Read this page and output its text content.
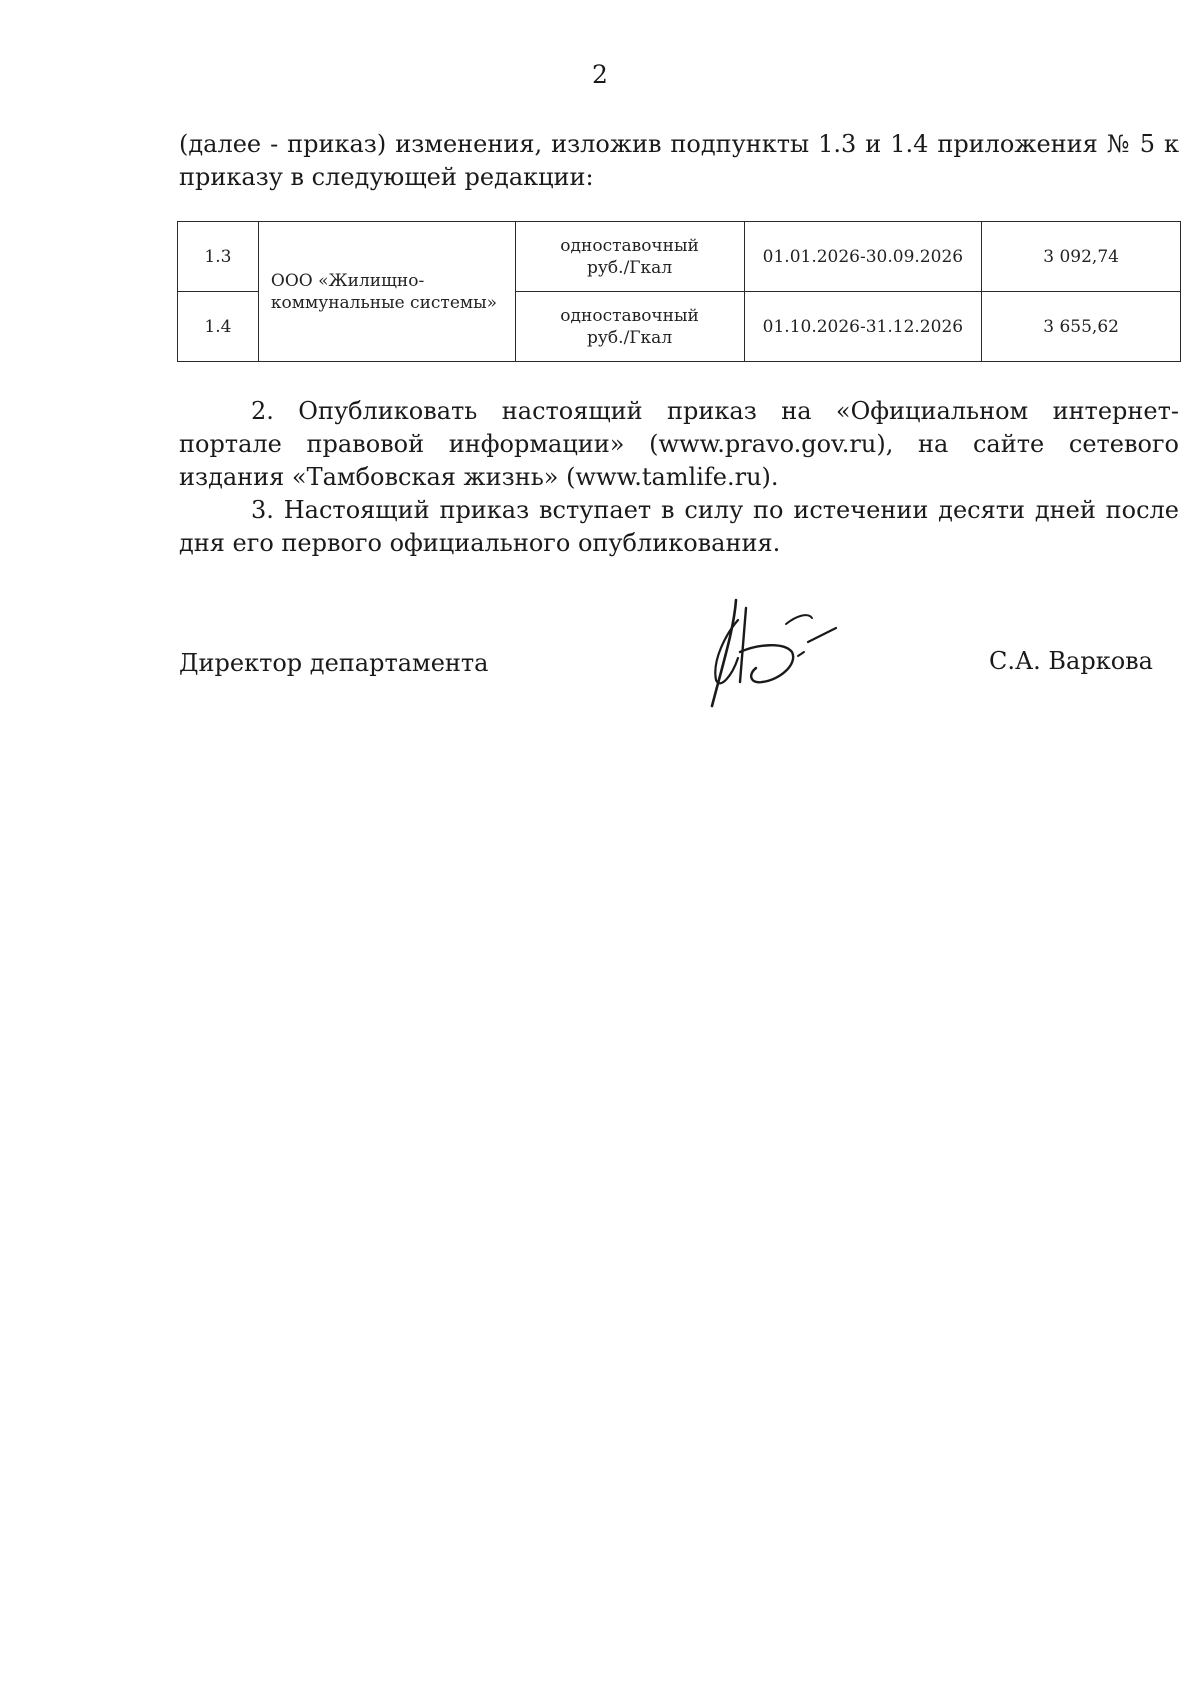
2

(далее - приказ) изменения, изложив подпункты 1.3 и 1.4 приложения № 5 к приказу в следующей редакции:

1.3	ООО «Жилищно-коммунальные системы»	одноставочный
руб./Гкал	01.01.2026-30.09.2026	3 092,74
1.4		одноставочный
руб./Гкал	01.10.2026-31.12.2026	3 655,62

2. Опубликовать настоящий приказ на «Официальном интернет-портале правовой информации» (www.pravo.gov.ru), на сайте сетевого издания «Тамбовская жизнь» (www.tamlife.ru).

3. Настоящий приказ вступает в силу по истечении десяти дней после дня его первого официального опубликования.

Директор департамента	С.А. Варкова
